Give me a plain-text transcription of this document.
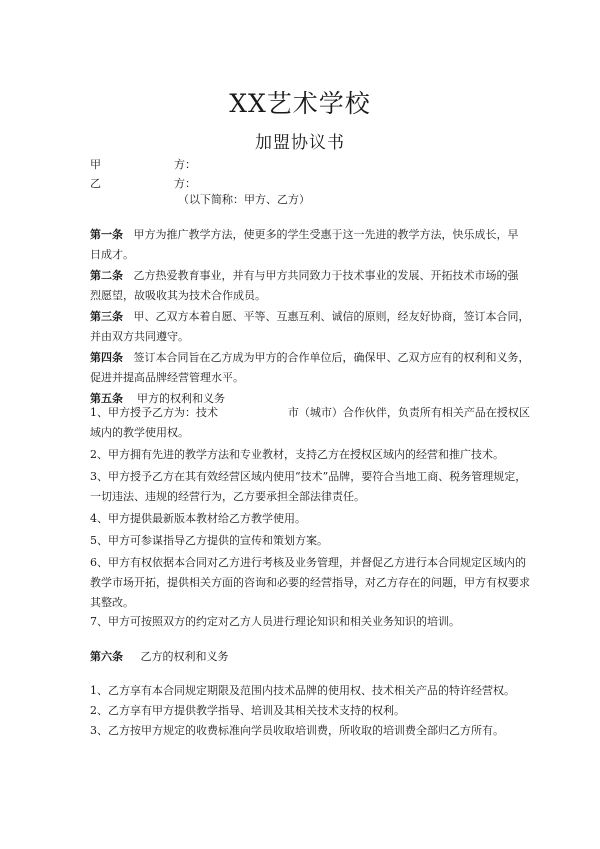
XX艺术学校
加盟协议书
甲	方：
乙	方：
（以下简称：甲方、乙方）
第一条 甲方为推广教学方法，使更多的学生受惠于这一先进的教学方法，快乐成长，早
日成才。
第二条 乙方热爱教育事业，并有与甲方共同致力于技术事业的发展、开拓技术市场的强
烈愿望，故吸收其为技术合作成员。
第三条 甲、乙双方本着自愿、平等、互惠互利、诚信的原则，经友好协商，签订本合同，
并由双方共同遵守。
第四条 签订本合同旨在乙方成为甲方的合作单位后，确保甲、乙双方应有的权利和义务，
促进并提高品牌经营管理水平。
第五条 甲方的权利和义务
1、甲方授予乙方为：技术                    市（城市）合作伙伴，负责所有相关产品在授权区
域内的教学使用权。
2、甲方拥有先进的教学方法和专业教材，支持乙方在授权区域内的经营和推广技术。
3、甲方授予乙方在其有效经营区域内使用“技术”品牌，要符合当地工商、税务管理规定，
一切违法、违规的经营行为，乙方要承担全部法律责任。
4、甲方提供最新版本教材给乙方教学使用。
5、甲方可参谋指导乙方提供的宣传和策划方案。
6、甲方有权依据本合同对乙方进行考核及业务管理，并督促乙方进行本合同规定区域内的
教学市场开拓，提供相关方面的咨询和必要的经营指导，对乙方存在的问题，甲方有权要求
其整改。
7、甲方可按照双方的约定对乙方人员进行理论知识和相关业务知识的培训。
第六条 乙方的权利和义务
1、乙方享有本合同规定期限及范围内技术品牌的使用权、技术相关产品的特许经营权。
2、乙方享有甲方提供教学指导、培训及其相关技术支持的权利。
3、乙方按甲方规定的收费标准向学员收取培训费，所收取的培训费全部归乙方所有。
